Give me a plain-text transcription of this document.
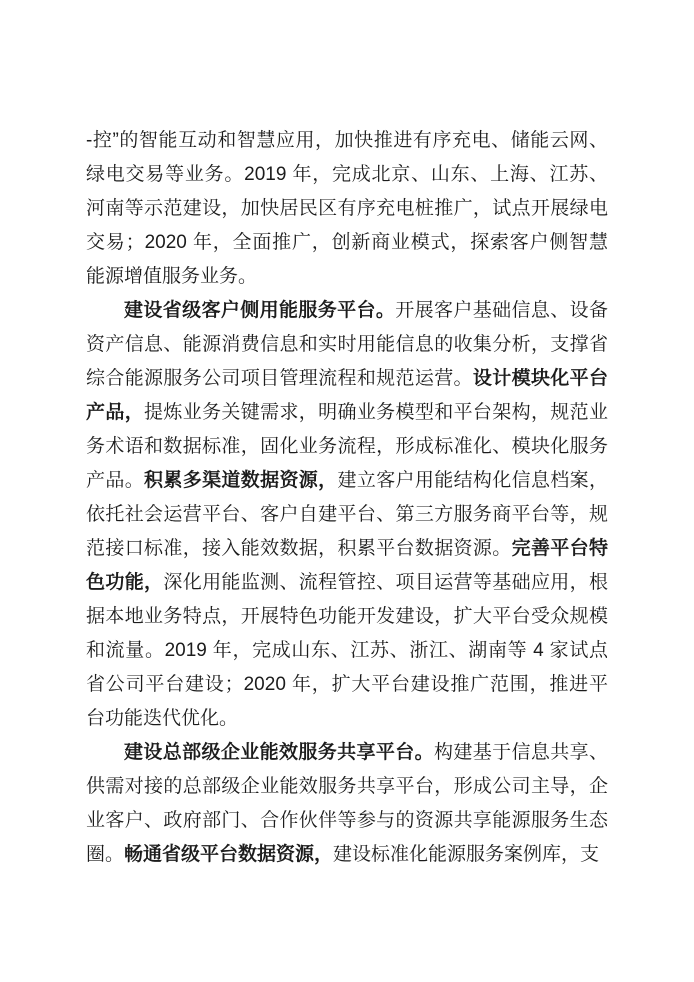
-控”的智能互动和智慧应用，加快推进有序充电、储能云网、绿电交易等业务。2019 年，完成北京、山东、上海、江苏、河南等示范建设，加快居民区有序充电桩推广，试点开展绿电交易；2020 年，全面推广，创新商业模式，探索客户侧智慧能源增值服务业务。

建设省级客户侧用能服务平台。开展客户基础信息、设备资产信息、能源消费信息和实时用能信息的收集分析，支撑省综合能源服务公司项目管理流程和规范运营。设计模块化平台产品，提炼业务关键需求，明确业务模型和平台架构，规范业务术语和数据标准，固化业务流程，形成标准化、模块化服务产品。积累多渠道数据资源，建立客户用能结构化信息档案，依托社会运营平台、客户自建平台、第三方服务商平台等，规范接口标准，接入能效数据，积累平台数据资源。完善平台特色功能，深化用能监测、流程管控、项目运营等基础应用，根据本地业务特点，开展特色功能开发建设，扩大平台受众规模和流量。2019 年，完成山东、江苏、浙江、湖南等 4 家试点省公司平台建设；2020 年，扩大平台建设推广范围，推进平台功能迭代优化。

建设总部级企业能效服务共享平台。构建基于信息共享、供需对接的总部级企业能效服务共享平台，形成公司主导，企业客户、政府部门、合作伙伴等参与的资源共享能源服务生态圈。畅通省级平台数据资源，建设标准化能源服务案例库，支
